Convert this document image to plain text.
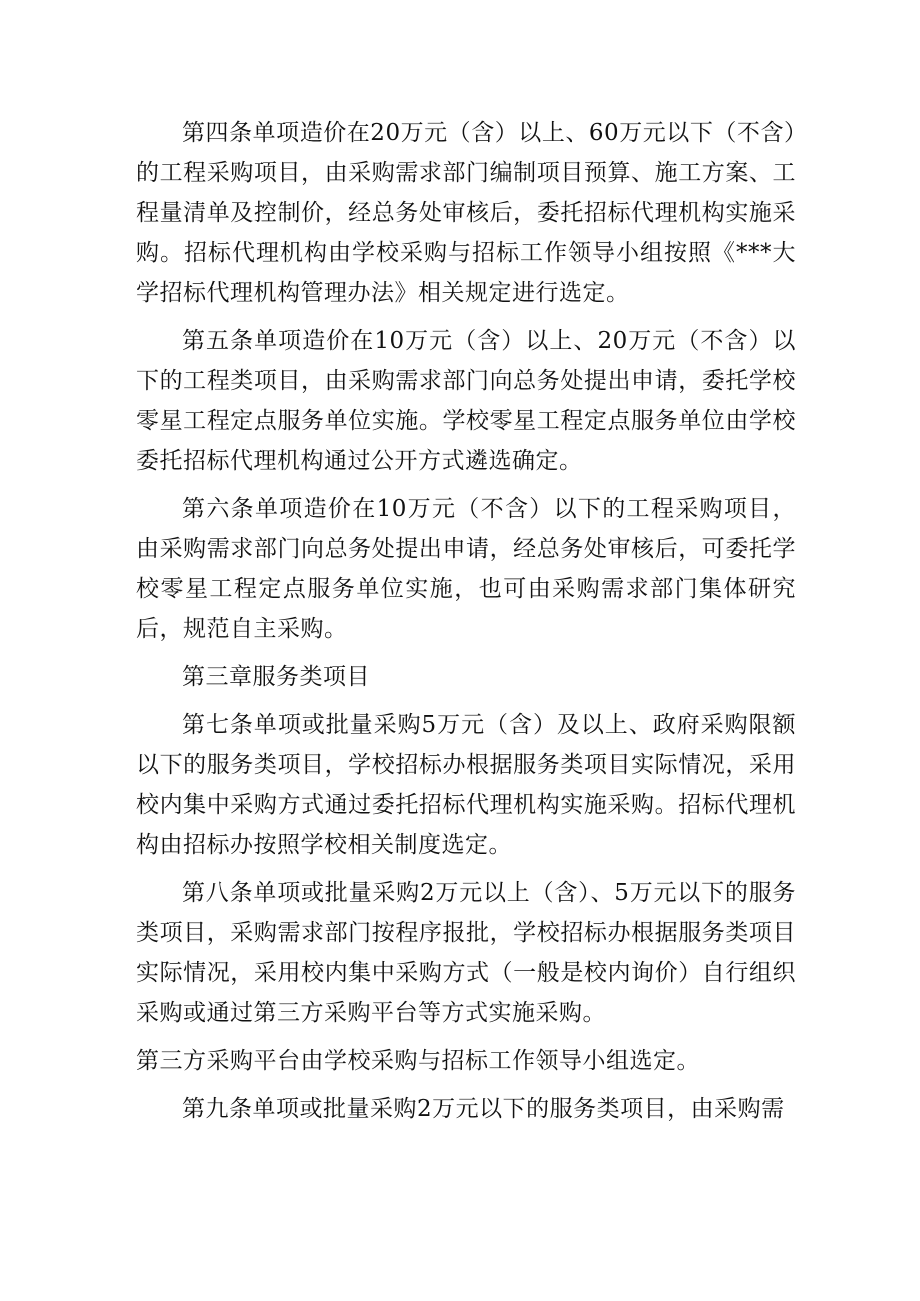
第四条单项造价在20万元（含）以上、60万元以下（不含）的工程采购项目，由采购需求部门编制项目预算、施工方案、工程量清单及控制价，经总务处审核后，委托招标代理机构实施采购。招标代理机构由学校采购与招标工作领导小组按照《***大学招标代理机构管理办法》相关规定进行选定。

第五条单项造价在10万元（含）以上、20万元（不含）以下的工程类项目，由采购需求部门向总务处提出申请，委托学校零星工程定点服务单位实施。学校零星工程定点服务单位由学校委托招标代理机构通过公开方式遴选确定。

第六条单项造价在10万元（不含）以下的工程采购项目，由采购需求部门向总务处提出申请，经总务处审核后，可委托学校零星工程定点服务单位实施，也可由采购需求部门集体研究后，规范自主采购。

第三章服务类项目

第七条单项或批量采购5万元（含）及以上、政府采购限额以下的服务类项目，学校招标办根据服务类项目实际情况，采用校内集中采购方式通过委托招标代理机构实施采购。招标代理机构由招标办按照学校相关制度选定。

第八条单项或批量采购2万元以上（含）、5万元以下的服务类项目，采购需求部门按程序报批，学校招标办根据服务类项目实际情况，采用校内集中采购方式（一般是校内询价）自行组织采购或通过第三方采购平台等方式实施采购。

第三方采购平台由学校采购与招标工作领导小组选定。

第九条单项或批量采购2万元以下的服务类项目，由采购需
